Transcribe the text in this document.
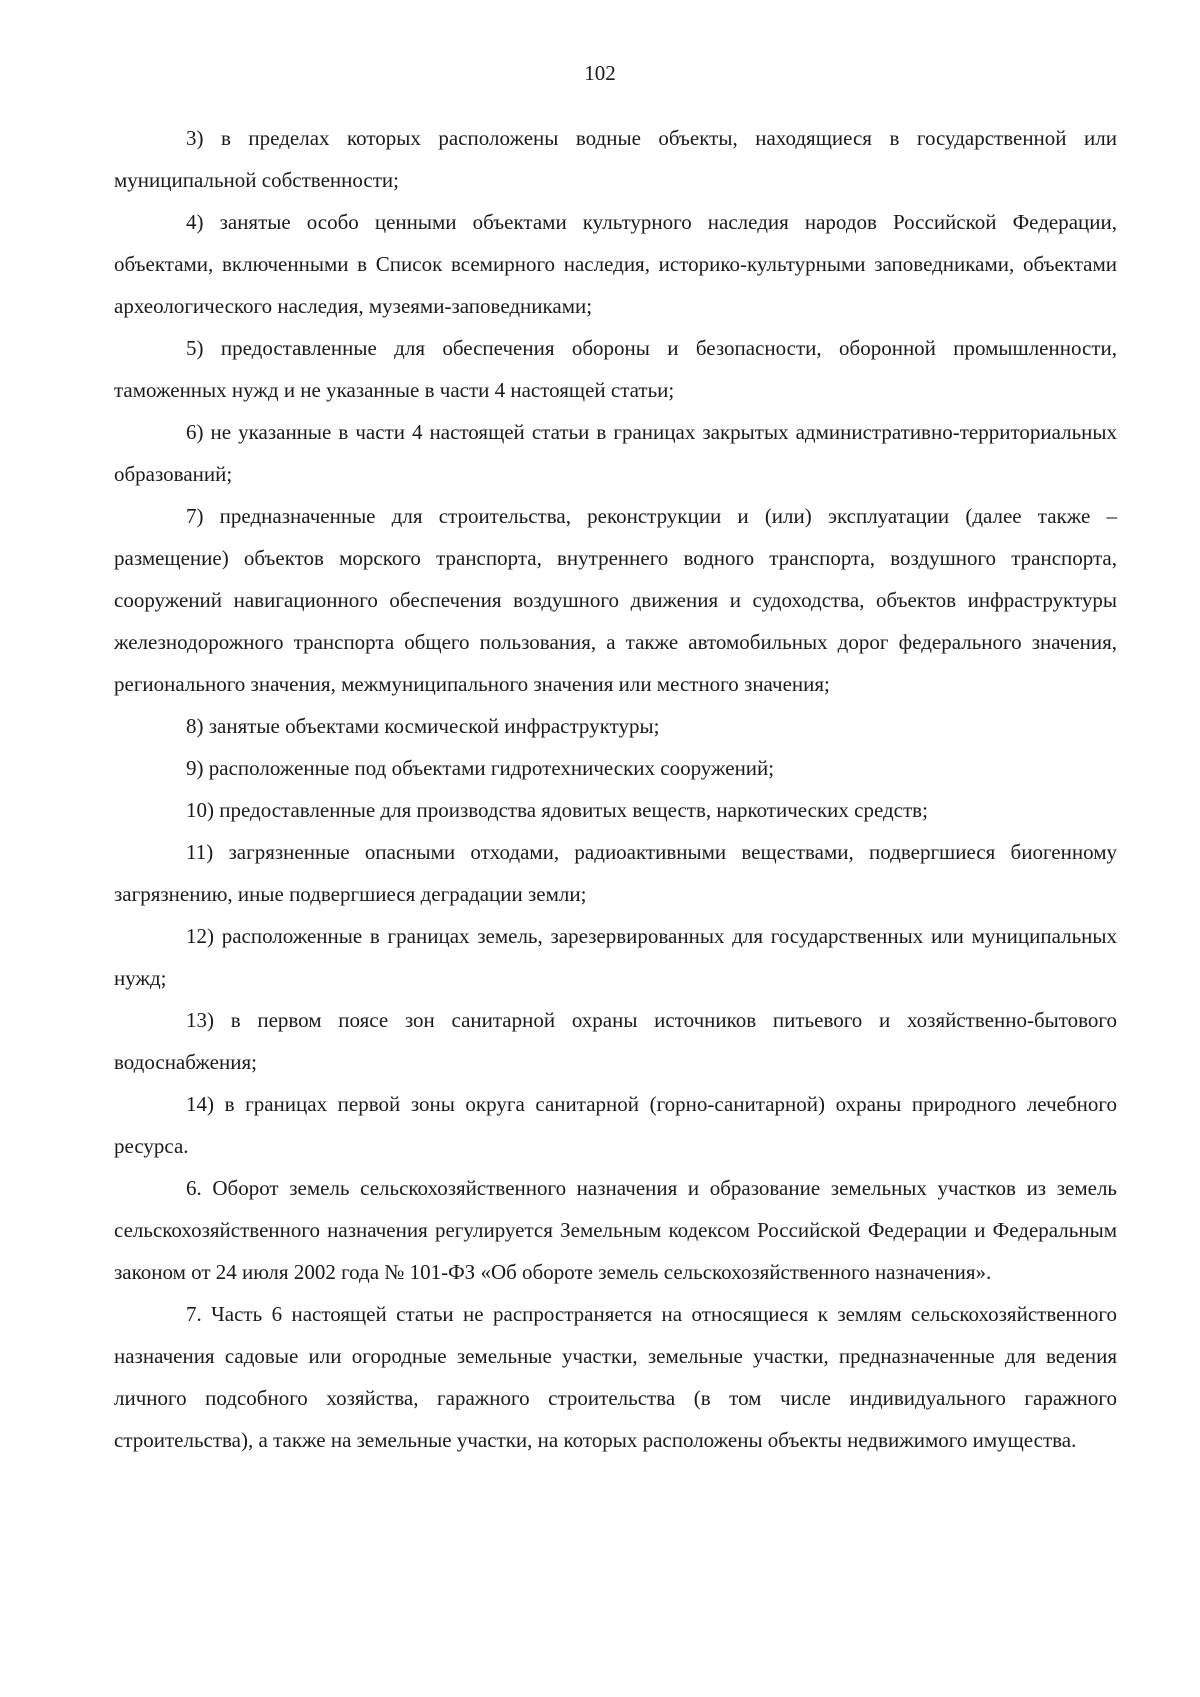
102

3) в пределах которых расположены водные объекты, находящиеся в государственной или муниципальной собственности;

4) занятые особо ценными объектами культурного наследия народов Российской Федерации, объектами, включенными в Список всемирного наследия, историко-культурными заповедниками, объектами археологического наследия, музеями-заповедниками;

5) предоставленные для обеспечения обороны и безопасности, оборонной промышленности, таможенных нужд и не указанные в части 4 настоящей статьи;

6) не указанные в части 4 настоящей статьи в границах закрытых административно-территориальных образований;

7) предназначенные для строительства, реконструкции и (или) эксплуатации (далее также – размещение) объектов морского транспорта, внутреннего водного транспорта, воздушного транспорта, сооружений навигационного обеспечения воздушного движения и судоходства, объектов инфраструктуры железнодорожного транспорта общего пользования, а также автомобильных дорог федерального значения, регионального значения, межмуниципального значения или местного значения;

8) занятые объектами космической инфраструктуры;

9) расположенные под объектами гидротехнических сооружений;

10) предоставленные для производства ядовитых веществ, наркотических средств;

11) загрязненные опасными отходами, радиоактивными веществами, подвергшиеся биогенному загрязнению, иные подвергшиеся деградации земли;

12) расположенные в границах земель, зарезервированных для государственных или муниципальных нужд;

13) в первом поясе зон санитарной охраны источников питьевого и хозяйственно-бытового водоснабжения;

14) в границах первой зоны округа санитарной (горно-санитарной) охраны природного лечебного ресурса.

6. Оборот земель сельскохозяйственного назначения и образование земельных участков из земель сельскохозяйственного назначения регулируется Земельным кодексом Российской Федерации и Федеральным законом от 24 июля 2002 года № 101-ФЗ «Об обороте земель сельскохозяйственного назначения».

7. Часть 6 настоящей статьи не распространяется на относящиеся к землям сельскохозяйственного назначения садовые или огородные земельные участки, земельные участки, предназначенные для ведения личного подсобного хозяйства, гаражного строительства (в том числе индивидуального гаражного строительства), а также на земельные участки, на которых расположены объекты недвижимого имущества.
